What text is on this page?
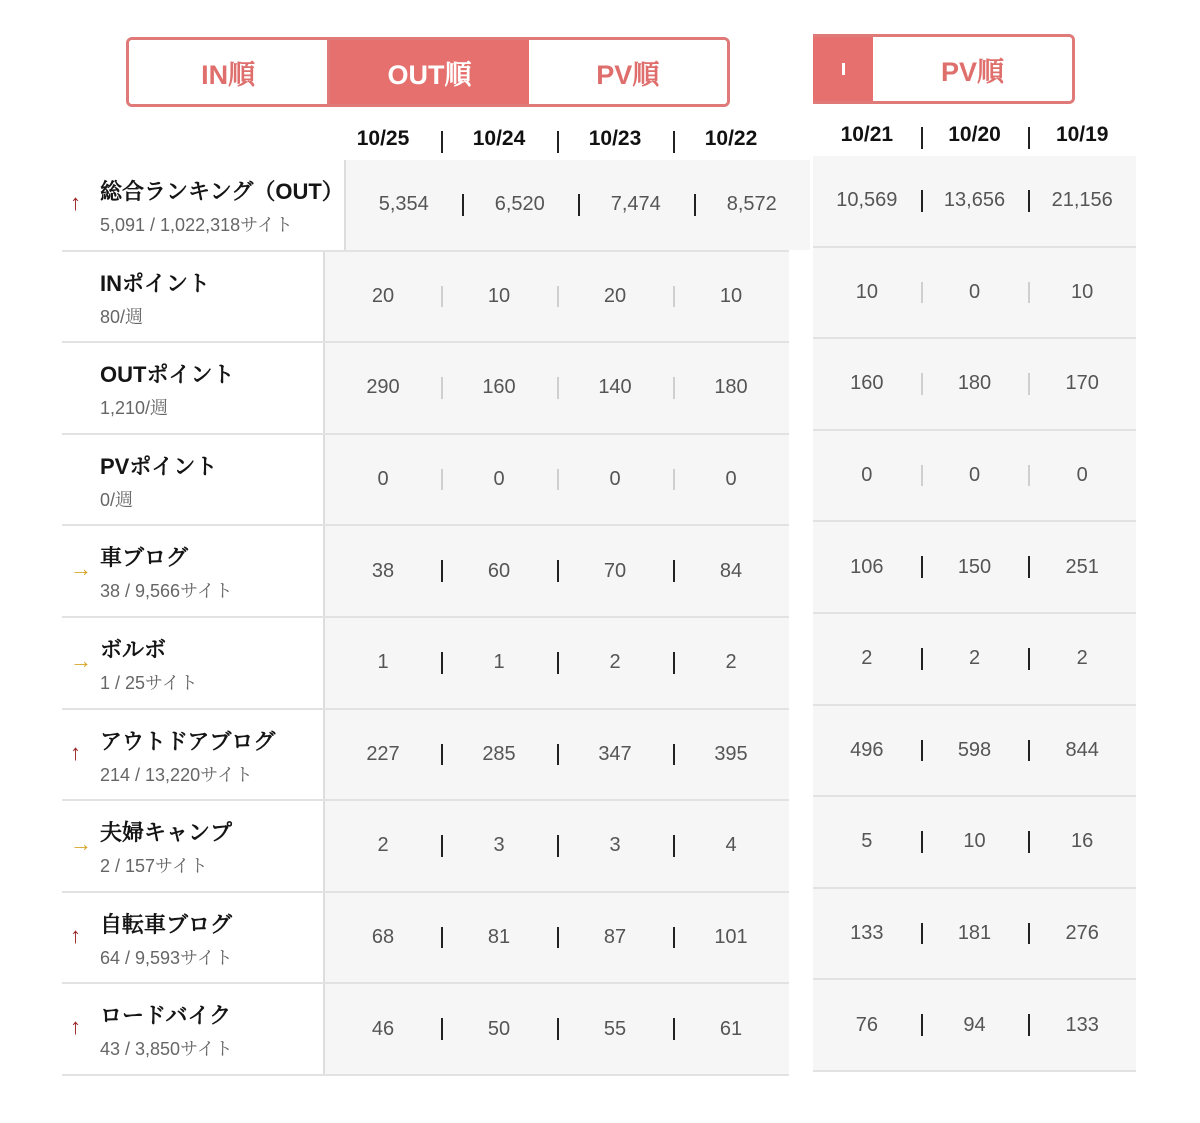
IN順	OUT順	PV順	PV順
10/25	10/24	10/23	10/22
↑ 総合ランキング（OUT）
5,091 / 1,022,318サイト
5,354	6,520	7,474	8,572
INポイント
80/週
20	10	20	10
OUTポイント
1,210/週
290	160	140	180
PVポイント
0/週
0	0	0	0
→ 車ブログ
38 / 9,566サイト
38	60	70	84
→ ボルボ
1 / 25サイト
1	1	2	2
↑ アウトドアブログ
214 / 13,220サイト
227	285	347	395
→ 夫婦キャンプ
2 / 157サイト
2	3	3	4
↑ 自転車ブログ
64 / 9,593サイト
68	81	87	101
↑ ロードバイク
43 / 3,850サイト
46	50	55	61
10/21	10/20	10/19
10,569	13,656	21,156
10	0	10
160	180	170
0	0	0
106	150	251
2	2	2
496	598	844
5	10	16
133	181	276
76	94	133
